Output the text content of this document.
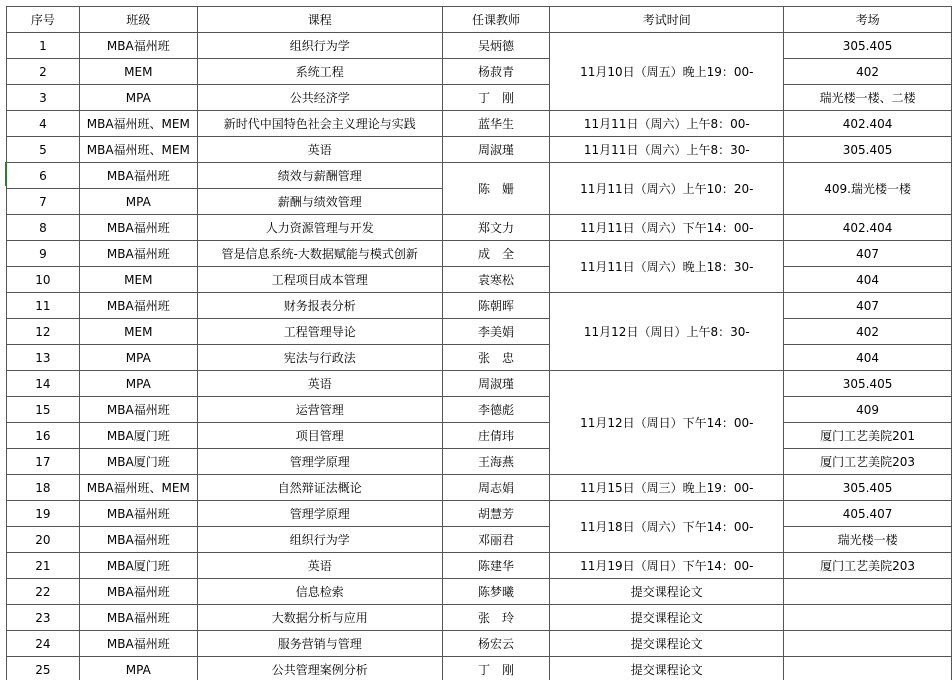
序号	班级	课程	任课教师	考试时间	考场
1	MBA福州班	组织行为学	吴炳德	11月10日（周五）晚上19：00-	305.405
2	MEM	系统工程	杨菽青		402
3	MPA	公共经济学	丁　刚		瑞光楼一楼、二楼
4	MBA福州班、MEM	新时代中国特色社会主义理论与实践	蓝华生	11月11日（周六）上午8：00-	402.404
5	MBA福州班、MEM	英语	周淑瑾	11月11日（周六）上午8：30-	305.405
6	MBA福州班	绩效与薪酬管理	陈　姗	11月11日（周六）上午10：20-	409.瑞光楼一楼
7	MPA	薪酬与绩效管理			
8	MBA福州班	人力资源管理与开发	郑文力	11月11日（周六）下午14：00-	402.404
9	MBA福州班	管是信息系统-大数据赋能与模式创新	成　全	11月11日（周六）晚上18：30-	407
10	MEM	工程项目成本管理	袁寒松		404
11	MBA福州班	财务报表分析	陈朝晖	11月12日（周日）上午8：30-	407
12	MEM	工程管理导论	李美娟		402
13	MPA	宪法与行政法	张　忠		404
14	MPA	英语	周淑瑾	11月12日（周日）下午14：00-	305.405
15	MBA福州班	运营管理	李德彪		409
16	MBA厦门班	项目管理	庄倩玮		厦门工艺美院201
17	MBA厦门班	管理学原理	王海燕		厦门工艺美院203
18	MBA福州班、MEM	自然辩证法概论	周志娟	11月15日（周三）晚上19：00-	305.405
19	MBA福州班	管理学原理	胡慧芳	11月18日（周六）下午14：00-	405.407
20	MBA福州班	组织行为学	邓丽君		瑞光楼一楼
21	MBA厦门班	英语	陈建华	11月19日（周日）下午14：00-	厦门工艺美院203
22	MBA福州班	信息检索	陈梦曦	提交课程论文	
23	MBA福州班	大数据分析与应用	张　玲	提交课程论文	
24	MBA福州班	服务营销与管理	杨宏云	提交课程论文	
25	MPA	公共管理案例分析	丁　刚	提交课程论文	
